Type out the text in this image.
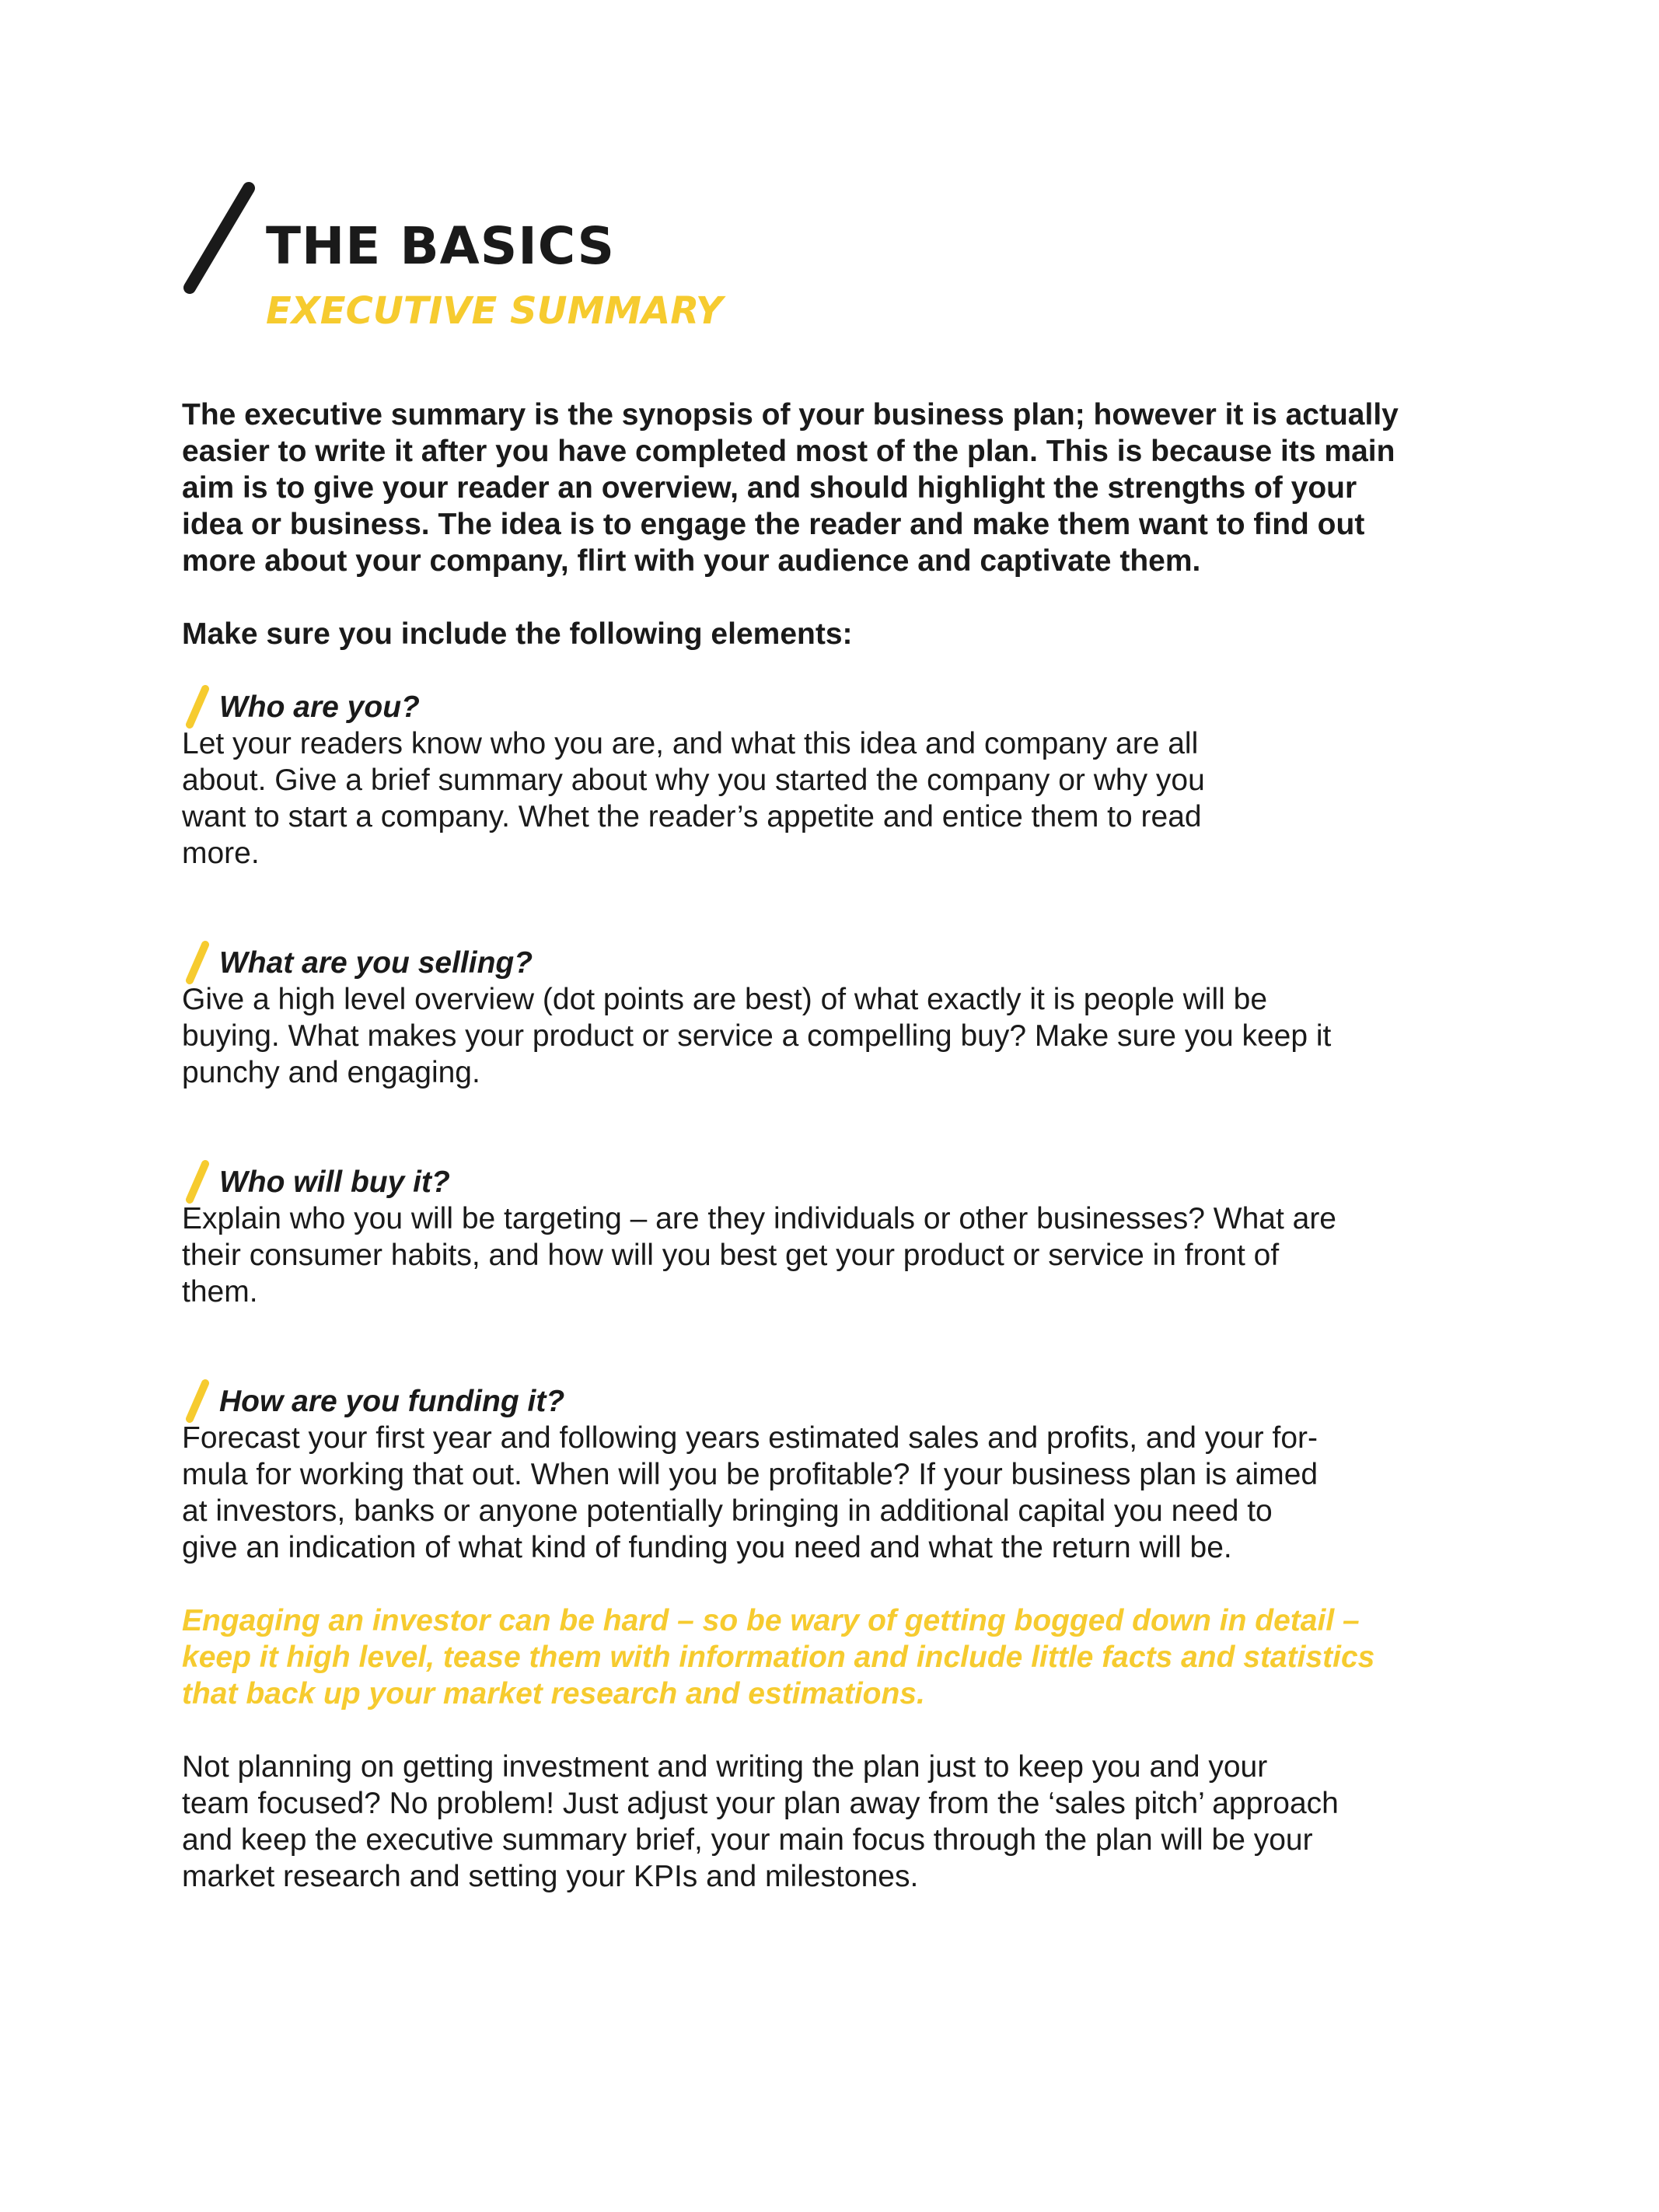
THE BASICS
EXECUTIVE SUMMARY

The executive summary is the synopsis of your business plan; however it is actually
easier to write it after you have completed most of the plan. This is because its main
aim is to give your reader an overview, and should highlight the strengths of your
idea or business. The idea is to engage the reader and make them want to find out
more about your company, flirt with your audience and captivate them.

Make sure you include the following elements:

Who are you?

Let your readers know who you are, and what this idea and company are all
about. Give a brief summary about why you started the company or why you
want to start a company. Whet the reader’s appetite and entice them to read
more.

What are you selling?

Give a high level overview (dot points are best) of what exactly it is people will be
buying. What makes your product or service a compelling buy? Make sure you keep it
punchy and engaging.

Who will buy it?

Explain who you will be targeting – are they individuals or other businesses? What are
their consumer habits, and how will you best get your product or service in front of
them.

How are you funding it?

Forecast your first year and following years estimated sales and profits, and your for-
mula for working that out. When will you be profitable? If your business plan is aimed
at investors, banks or anyone potentially bringing in additional capital you need to
give an indication of what kind of funding you need and what the return will be.

Engaging an investor can be hard – so be wary of getting bogged down in detail –
keep it high level, tease them with information and include little facts and statistics
that back up your market research and estimations.

Not planning on getting investment and writing the plan just to keep you and your
team focused? No problem! Just adjust your plan away from the ‘sales pitch’ approach
and keep the executive summary brief, your main focus through the plan will be your
market research and setting your KPIs and milestones.
